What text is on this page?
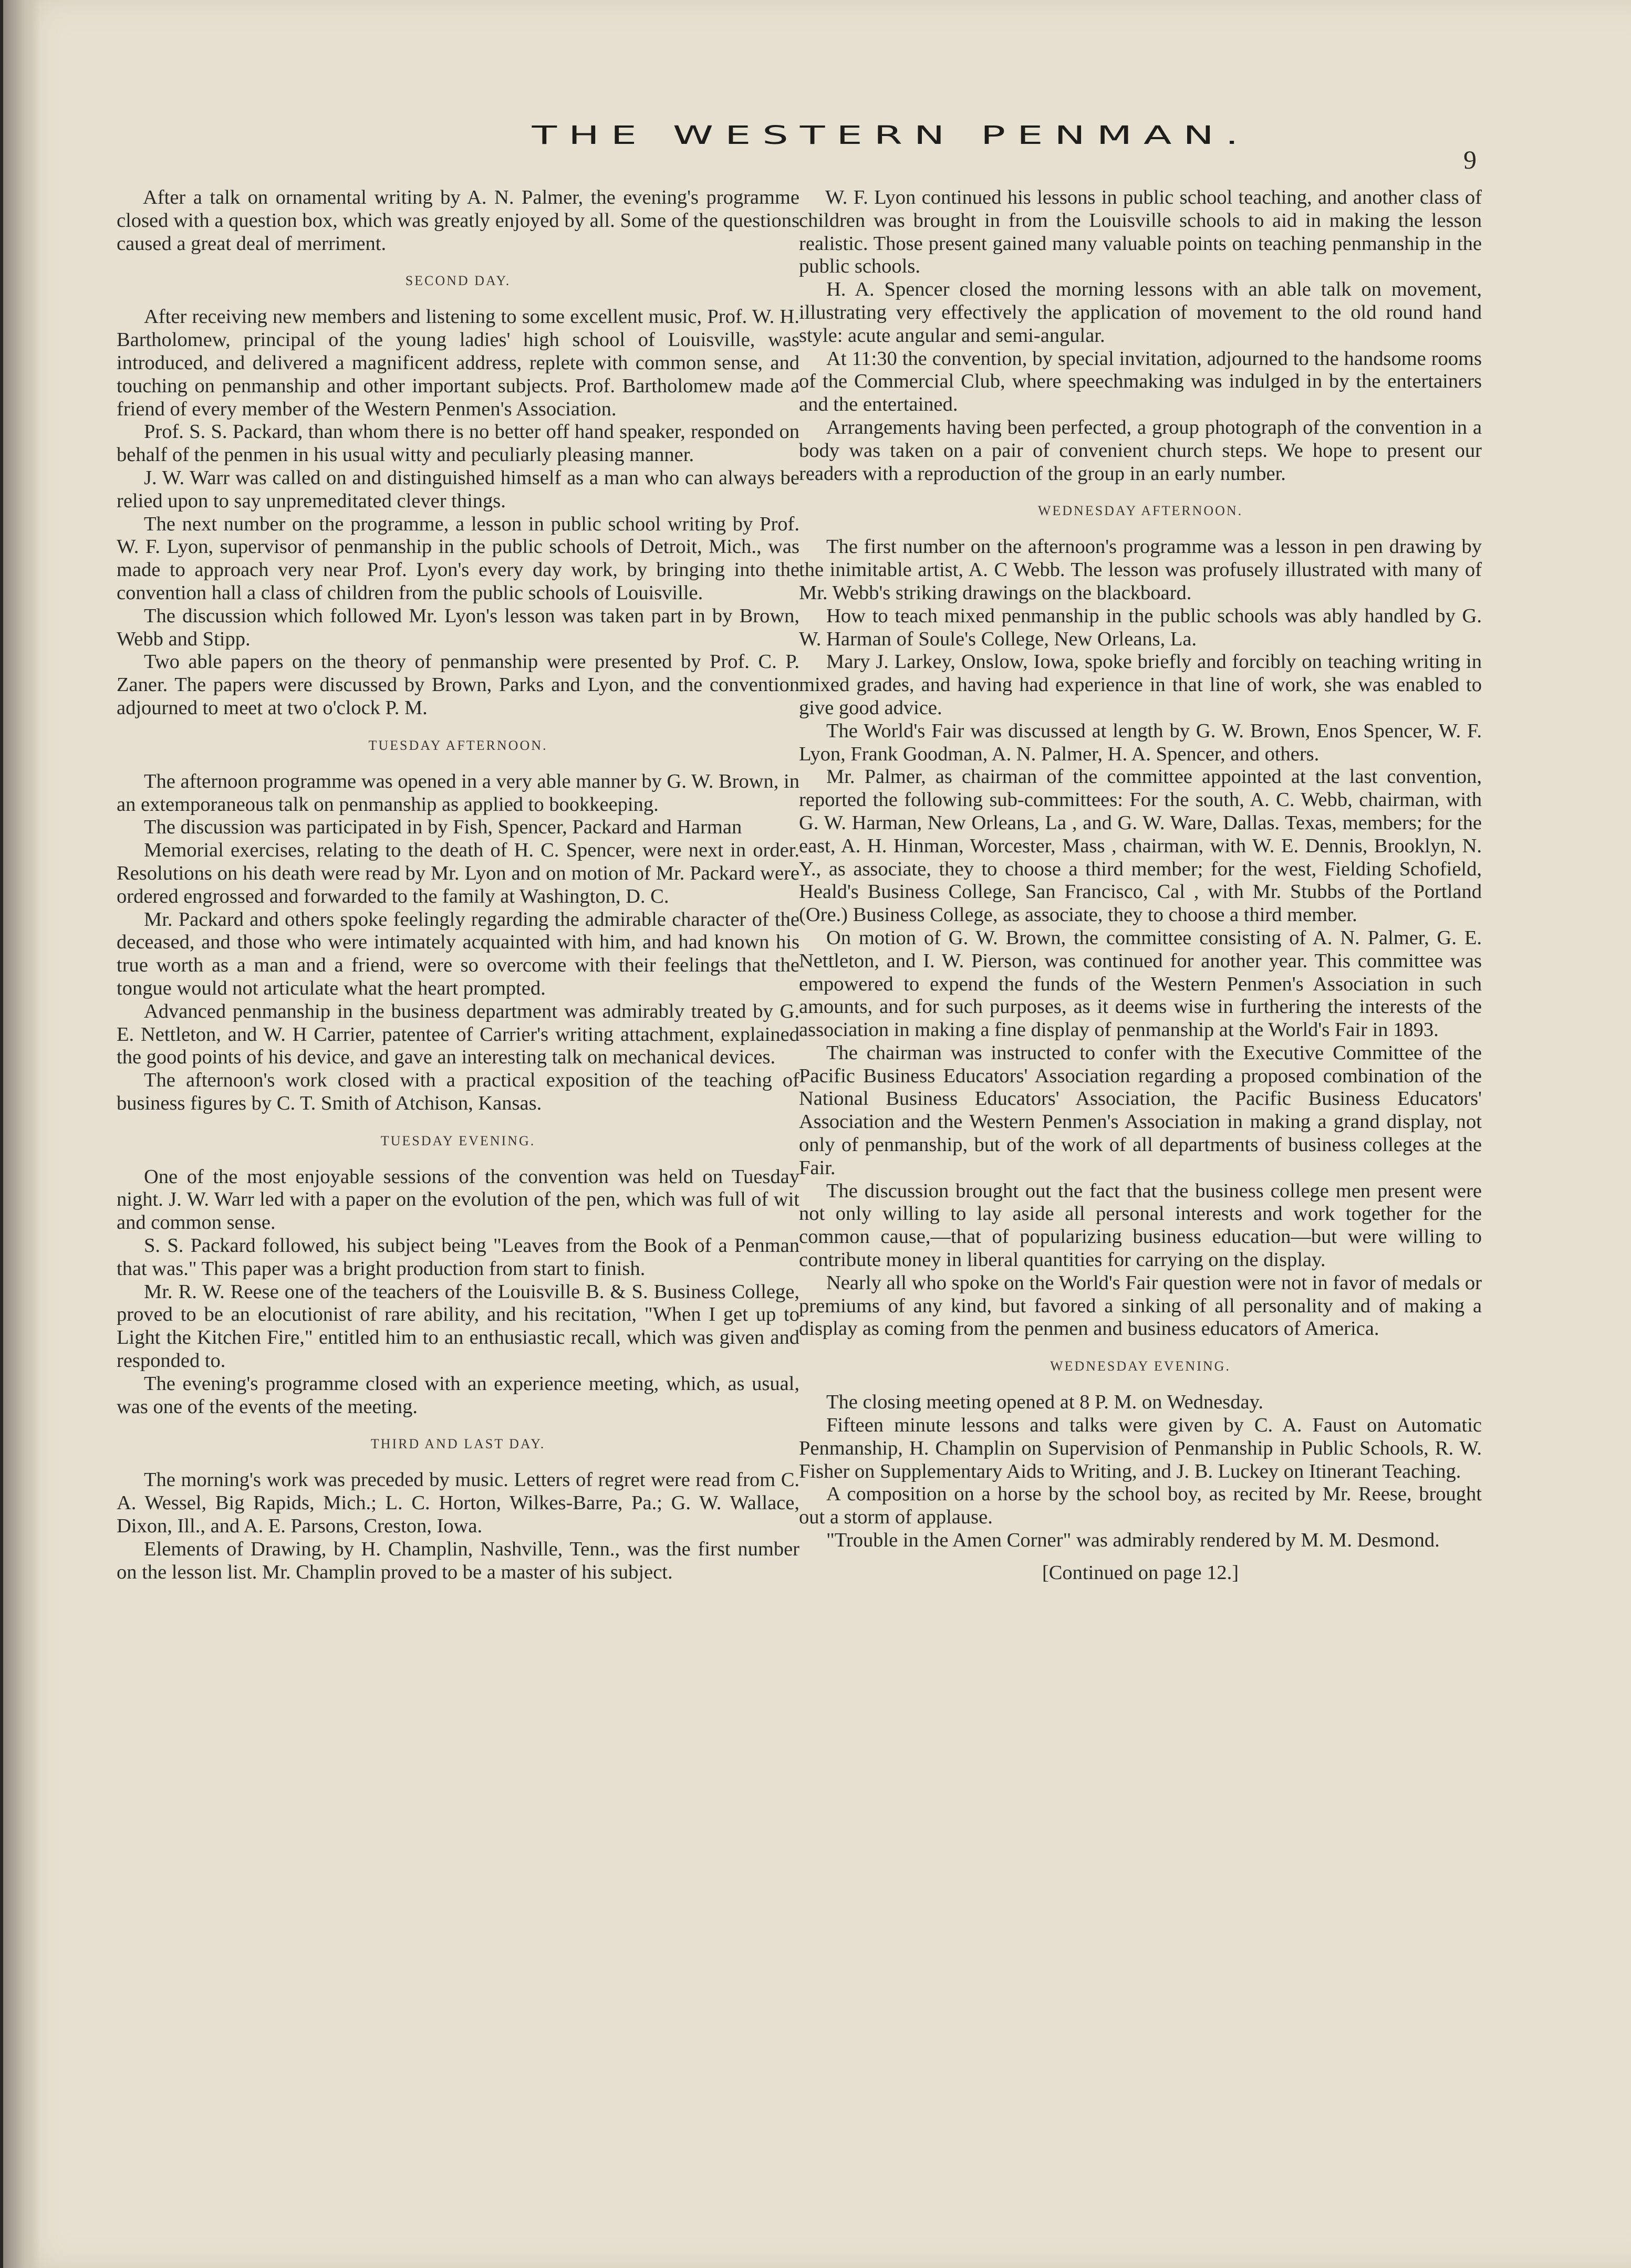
THE WESTERN PENMAN.
9

After a talk on ornamental writing by A. N. Palmer, the evening's programme closed with a question box, which was greatly enjoyed by all. Some of the questions caused a great deal of merriment.

SECOND DAY.

After receiving new members and listening to some excellent music, Prof. W. H. Bartholomew, principal of the young ladies' high school of Louisville, was introduced, and delivered a magnificent address, replete with common sense, and touching on penmanship and other important subjects. Prof. Bartholomew made a friend of every member of the Western Penmen's Association.

Prof. S. S. Packard, than whom there is no better off hand speaker, responded on behalf of the penmen in his usual witty and peculiarly pleasing manner.

J. W. Warr was called on and distinguished himself as a man who can always be relied upon to say unpremeditated clever things.

The next number on the programme, a lesson in public school writing by Prof. W. F. Lyon, supervisor of penmanship in the public schools of Detroit, Mich., was made to approach very near Prof. Lyon's every day work, by bringing into the convention hall a class of children from the public schools of Louisville.

The discussion which followed Mr. Lyon's lesson was taken part in by Brown, Webb and Stipp.

Two able papers on the theory of penmanship were presented by Prof. C. P. Zaner. The papers were discussed by Brown, Parks and Lyon, and the convention adjourned to meet at two o'clock P. M.

TUESDAY AFTERNOON.

The afternoon programme was opened in a very able manner by G. W. Brown, in an extemporaneous talk on penmanship as applied to bookkeeping.

The discussion was participated in by Fish, Spencer, Packard and Harman

Memorial exercises, relating to the death of H. C. Spencer, were next in order. Resolutions on his death were read by Mr. Lyon and on motion of Mr. Packard were ordered engrossed and forwarded to the family at Washington, D. C.

Mr. Packard and others spoke feelingly regarding the admirable character of the deceased, and those who were intimately acquainted with him, and had known his true worth as a man and a friend, were so overcome with their feelings that the tongue would not articulate what the heart prompted.

Advanced penmanship in the business department was admirably treated by G. E. Nettleton, and W. H Carrier, patentee of Carrier's writing attachment, explained the good points of his device, and gave an interesting talk on mechanical devices.

The afternoon's work closed with a practical exposition of the teaching of business figures by C. T. Smith of Atchison, Kansas.

TUESDAY EVENING.

One of the most enjoyable sessions of the convention was held on Tuesday night. J. W. Warr led with a paper on the evolution of the pen, which was full of wit and common sense.

S. S. Packard followed, his subject being "Leaves from the Book of a Penman that was." This paper was a bright production from start to finish.

Mr. R. W. Reese one of the teachers of the Louisville B. & S. Business College, proved to be an elocutionist of rare ability, and his recitation, "When I get up to Light the Kitchen Fire," entitled him to an enthusiastic recall, which was given and responded to.

The evening's programme closed with an experience meeting, which, as usual, was one of the events of the meeting.

THIRD AND LAST DAY.

The morning's work was preceded by music. Letters of regret were read from C. A. Wessel, Big Rapids, Mich.; L. C. Horton, Wilkes-Barre, Pa.; G. W. Wallace, Dixon, Ill., and A. E. Parsons, Creston, Iowa.

Elements of Drawing, by H. Champlin, Nashville, Tenn., was the first number on the lesson list. Mr. Champlin proved to be a master of his subject.

W. F. Lyon continued his lessons in public school teaching, and another class of children was brought in from the Louisville schools to aid in making the lesson realistic. Those present gained many valuable points on teaching penmanship in the public schools.

H. A. Spencer closed the morning lessons with an able talk on movement, illustrating very effectively the application of movement to the old round hand style: acute angular and semi-angular.

At 11:30 the convention, by special invitation, adjourned to the handsome rooms of the Commercial Club, where speechmaking was indulged in by the entertainers and the entertained.

Arrangements having been perfected, a group photograph of the convention in a body was taken on a pair of convenient church steps. We hope to present our readers with a reproduction of the group in an early number.

WEDNESDAY AFTERNOON.

The first number on the afternoon's programme was a lesson in pen drawing by the inimitable artist, A. C Webb. The lesson was profusely illustrated with many of Mr. Webb's striking drawings on the blackboard.

How to teach mixed penmanship in the public schools was ably handled by G. W. Harman of Soule's College, New Orleans, La.

Mary J. Larkey, Onslow, Iowa, spoke briefly and forcibly on teaching writing in mixed grades, and having had experience in that line of work, she was enabled to give good advice.

The World's Fair was discussed at length by G. W. Brown, Enos Spencer, W. F. Lyon, Frank Goodman, A. N. Palmer, H. A. Spencer, and others.

Mr. Palmer, as chairman of the committee appointed at the last convention, reported the following sub-committees: For the south, A. C. Webb, chairman, with G. W. Harman, New Orleans, La , and G. W. Ware, Dallas. Texas, members; for the east, A. H. Hinman, Worcester, Mass , chairman, with W. E. Dennis, Brooklyn, N. Y., as associate, they to choose a third member; for the west, Fielding Schofield, Heald's Business College, San Francisco, Cal , with Mr. Stubbs of the Portland (Ore.) Business College, as associate, they to choose a third member.

On motion of G. W. Brown, the committee consisting of A. N. Palmer, G. E. Nettleton, and I. W. Pierson, was continued for another year. This committee was empowered to expend the funds of the Western Penmen's Association in such amounts, and for such purposes, as it deems wise in furthering the interests of the association in making a fine display of penmanship at the World's Fair in 1893.

The chairman was instructed to confer with the Executive Committee of the Pacific Business Educators' Association regarding a proposed combination of the National Business Educators' Association, the Pacific Business Educators' Association and the Western Penmen's Association in making a grand display, not only of penmanship, but of the work of all departments of business colleges at the Fair.

The discussion brought out the fact that the business college men present were not only willing to lay aside all personal interests and work together for the common cause,—that of popularizing business education—but were willing to contribute money in liberal quantities for carrying on the display.

Nearly all who spoke on the World's Fair question were not in favor of medals or premiums of any kind, but favored a sinking of all personality and of making a display as coming from the penmen and business educators of America.

WEDNESDAY EVENING.

The closing meeting opened at 8 P. M. on Wednesday.

Fifteen minute lessons and talks were given by C. A. Faust on Automatic Penmanship, H. Champlin on Supervision of Penmanship in Public Schools, R. W. Fisher on Supplementary Aids to Writing, and J. B. Luckey on Itinerant Teaching.

A composition on a horse by the school boy, as recited by Mr. Reese, brought out a storm of applause.

"Trouble in the Amen Corner" was admirably rendered by M. M. Desmond.

[Continued on page 12.]
